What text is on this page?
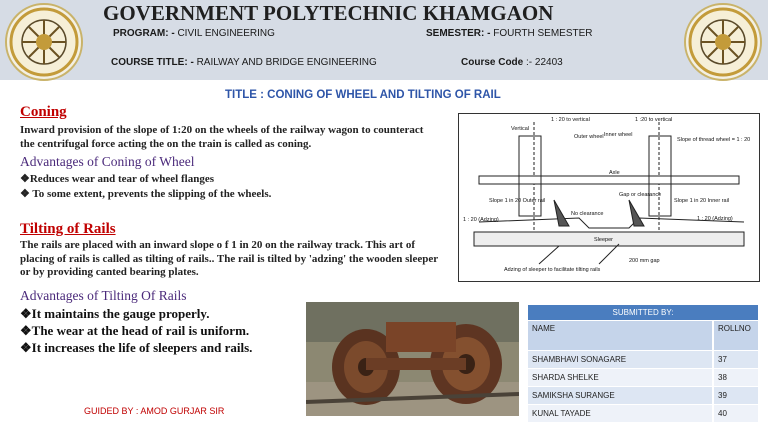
GOVERNMENT POLYTECHNIC KHAMGAON
PROGRAM: - CIVIL ENGINEERING	SEMESTER: - FOURTH SEMESTER
COURSE TITLE: - RAILWAY AND BRIDGE ENGINEERING	Course Code :- 22403
TITLE : CONING OF WHEEL AND TILTING OF RAIL
Coning
Inward provision of the slope of 1:20 on the wheels of the railway wagon to counteract the centrifugal force acting the on the train is called as coning.
Advantages of Coning of Wheel
❖Reduces wear and tear of wheel flanges
❖ To some extent, prevents the slipping of the wheels.
Tilting of Rails
The rails are placed with an inward slope o f 1 in 20 on the railway track. This art of placing of rails is called as tilting of rails.. The rail is tilted by 'adzing' the wooden sleeper or by providing canted bearing plates.
Advantages of Tilting Of Rails
❖It maintains the gauge properly.
❖The wear at the head of rail is uniform.
❖It increases the life of sleepers and rails.
GUIDED BY : AMOD GURJAR SIR
Vertical
1 : 20 to vertical	1 :20 to vertical
Outer wheel Inner wheel
Slope of thread wheel = 1 : 20
Axle
Gap or clearance
Slope 1 in 20 Outer rail	Slope 1 in 20 Inner rail
No clearance
1 : 20 (Adzing)	1 : 20 (Adzing)
Sleeper
200 mm gap
Adzing of sleeper to facilitate tilting rails
SUBMITTED BY:	
NAME	ROLLNO
SHAMBHAVI SONAGARE	37
SHARDA SHELKE	38
SAMIKSHA SURANGE	39
KUNAL TAYADE	40
